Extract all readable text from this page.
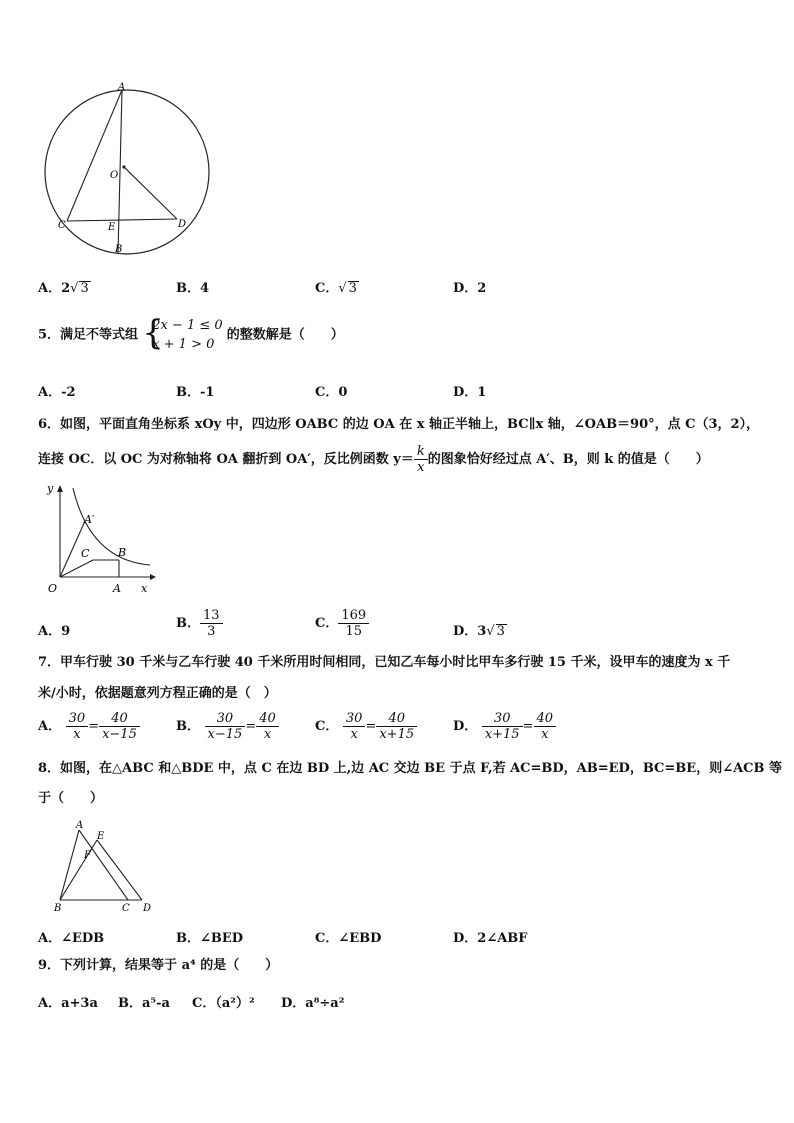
A
O
C	E	D
B
A．2√ 3	B．4	C．√ 3	D．2
5．满足不等式组 {
2x − 1 ≤ 0
x + 1 > 0
的整数解是（　　）
A．-2	B．-1	C．0	D．1
6．如图，平面直角坐标系 xOy 中，四边形 OABC 的边 OA 在 x 轴正半轴上，BC∥x 轴，∠OAB＝90°，点 C（3，2），
连接 OC．以 OC 为对称轴将 OA 翻折到 OA′，反比例函数 $y= \frac{k}{x}$ 的图象恰好经过点 A′、B，则 k 的值是（　　）
y
A′
C	B
O	A x
A．9
B． $\frac{13}{3}$	C． $\frac{169}{15}$	D．3√ 3
7．甲车行驶 30 千米与乙车行驶 40 千米所用时间相同，已知乙车每小时比甲车多行驶 15 千米，设甲车的速度为 x 千
米/小时，依据题意列方程正确的是（　）
A． $\frac{30}{x} = \frac{40}{x-15}$	B． $\frac{30}{x-15} = \frac{40}{x}$	C． $\frac{30}{x} = \frac{40}{x+15}$	D． $\frac{30}{x+15} = \frac{40}{x}$
8．如图，在△ABC 和△BDE 中，点 C 在边 BD 上,边 AC 交边 BE 于点 F,若 AC=BD，AB=ED，BC=BE，则∠ACB 等
于（　　）
A
E
F
B	C D
A．∠EDB	B．∠BED	C．∠EBD	D．2∠ABF
9．下列计算，结果等于 a⁴ 的是（　　）
A．a+3a B．a⁵-a C．（a²）² D．a⁸÷a²
